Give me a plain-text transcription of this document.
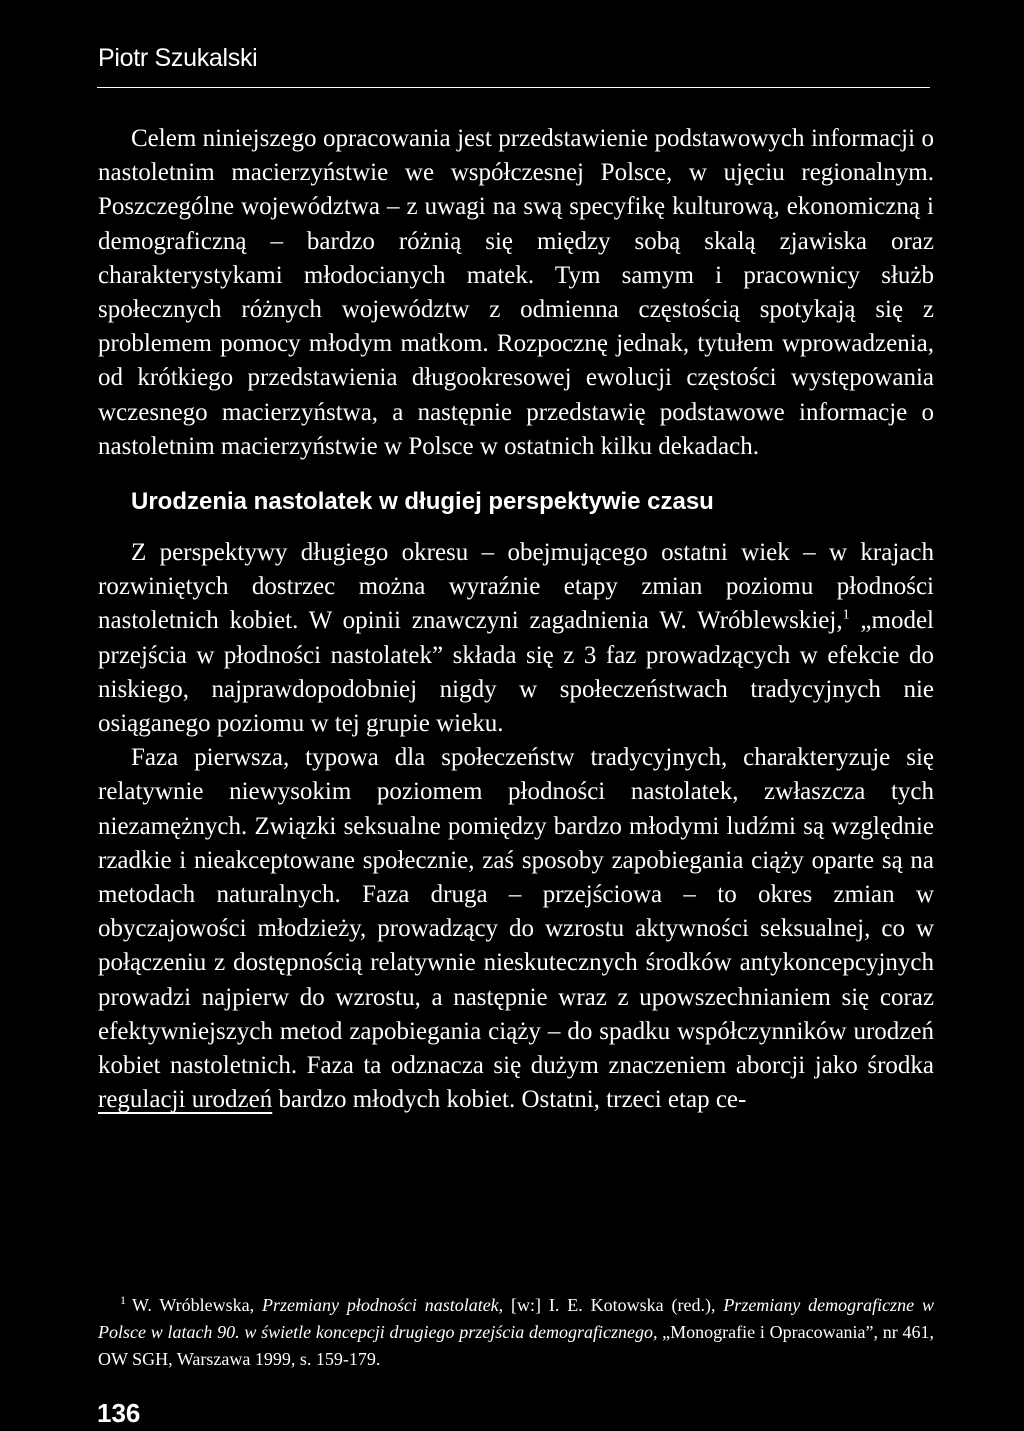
Piotr Szukalski

Celem niniejszego opracowania jest przedstawienie podstawowych informacji o nastoletnim macierzyństwie we współczesnej Polsce, w ujęciu regionalnym. Poszczególne województwa – z uwagi na swą specyfikę kulturową, ekonomiczną i demograficzną – bardzo różnią się między sobą skalą zjawiska oraz charakterystykami młodocianych matek. Tym samym i pracownicy służb społecznych różnych województw z odmienna częstością spotykają się z problemem pomocy młodym matkom. Rozpocznę jednak, tytułem wprowadzenia, od krótkiego przedstawienia długookresowej ewolucji częstości występowania wczesnego macierzyństwa, a następnie przedstawię podstawowe informacje o nastoletnim macierzyństwie w Polsce w ostatnich kilku dekadach.

Urodzenia nastolatek w długiej perspektywie czasu

Z perspektywy długiego okresu – obejmującego ostatni wiek – w krajach rozwiniętych dostrzec można wyraźnie etapy zmian poziomu płodności nastoletnich kobiet. W opinii znawczyni zagadnienia W. Wróblewskiej,$^1$ „model przejścia w płodności nastolatek” składa się z 3 faz prowadzących w efekcie do niskiego, najprawdopodobniej nigdy w społeczeństwach tradycyjnych nie osiąganego poziomu w tej grupie wieku.

Faza pierwsza, typowa dla społeczeństw tradycyjnych, charakteryzuje się relatywnie niewysokim poziomem płodności nastolatek, zwłaszcza tych niezamężnych. Związki seksualne pomiędzy bardzo młodymi ludźmi są względnie rzadkie i nieakceptowane społecznie, zaś sposoby zapobiegania ciąży oparte są na metodach naturalnych. Faza druga – przejściowa – to okres zmian w obyczajowości młodzieży, prowadzący do wzrostu aktywności seksualnej, co w połączeniu z dostępnością relatywnie nieskutecznych środków antykoncepcyjnych prowadzi najpierw do wzrostu, a następnie wraz z upowszechnianiem się coraz efektywniejszych metod zapobiegania ciąży – do spadku współczynników urodzeń kobiet nastoletnich. Faza ta odznacza się dużym znaczeniem aborcji jako środka regulacji urodzeń bardzo młodych kobiet. Ostatni, trzeci etap ce-

$^1$ W. Wróblewska, Przemiany płodności nastolatek, [w:] I. E. Kotowska (red.), Przemiany demograficzne w Polsce w latach 90. w świetle koncepcji drugiego przejścia demograficznego, „Monografie i Opracowania”, nr 461, OW SGH, Warszawa 1999, s. 159-179.
136
